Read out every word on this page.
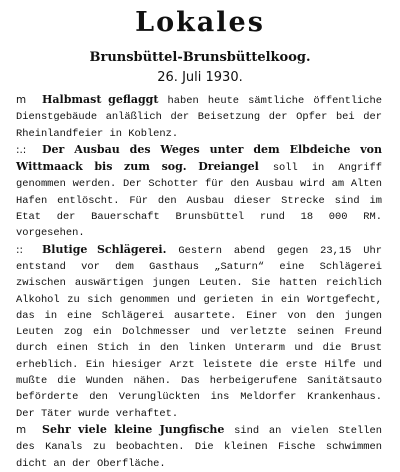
Lokales
Brunsbüttel-Brunsbüttelkoog.
26. Juli 1930.

m Halbmast geflaggt haben heute sämtliche öffentliche Dienstgebäude anläßlich der Beisetzung der Opfer bei der Rheinlandfeier in Koblenz.

:.: Der Ausbau des Weges unter dem Elbdeiche von Wittmaack bis zum sog. Dreiangel soll in Angriff genommen werden. Der Schotter für den Ausbau wird am Alten Hafen entlöscht. Für den Ausbau dieser Strecke sind im Etat der Bauerschaft Brunsbüttel rund 18 000 RM. vorgesehen.

:: Blutige Schlägerei. Gestern abend gegen 23,15 Uhr entstand vor dem Gasthaus „Saturn“ eine Schlägerei zwischen auswärtigen jungen Leuten. Sie hatten reichlich Alkohol zu sich genommen und gerieten in ein Wortgefecht, das in eine Schlägerei ausartete. Einer von den jungen Leuten zog ein Dolchmesser und verletzte seinen Freund durch einen Stich in den linken Unterarm und die Brust erheblich. Ein hiesiger Arzt leistete die erste Hilfe und mußte die Wunden nähen. Das herbeigerufene Sanitätsauto beförderte den Verunglückten ins Meldorfer Krankenhaus. Der Täter wurde verhaftet.

m Sehr viele kleine Jungfische sind an vielen Stellen des Kanals zu beobachten. Die kleinen Fische schwimmen dicht an der Oberfläche.
